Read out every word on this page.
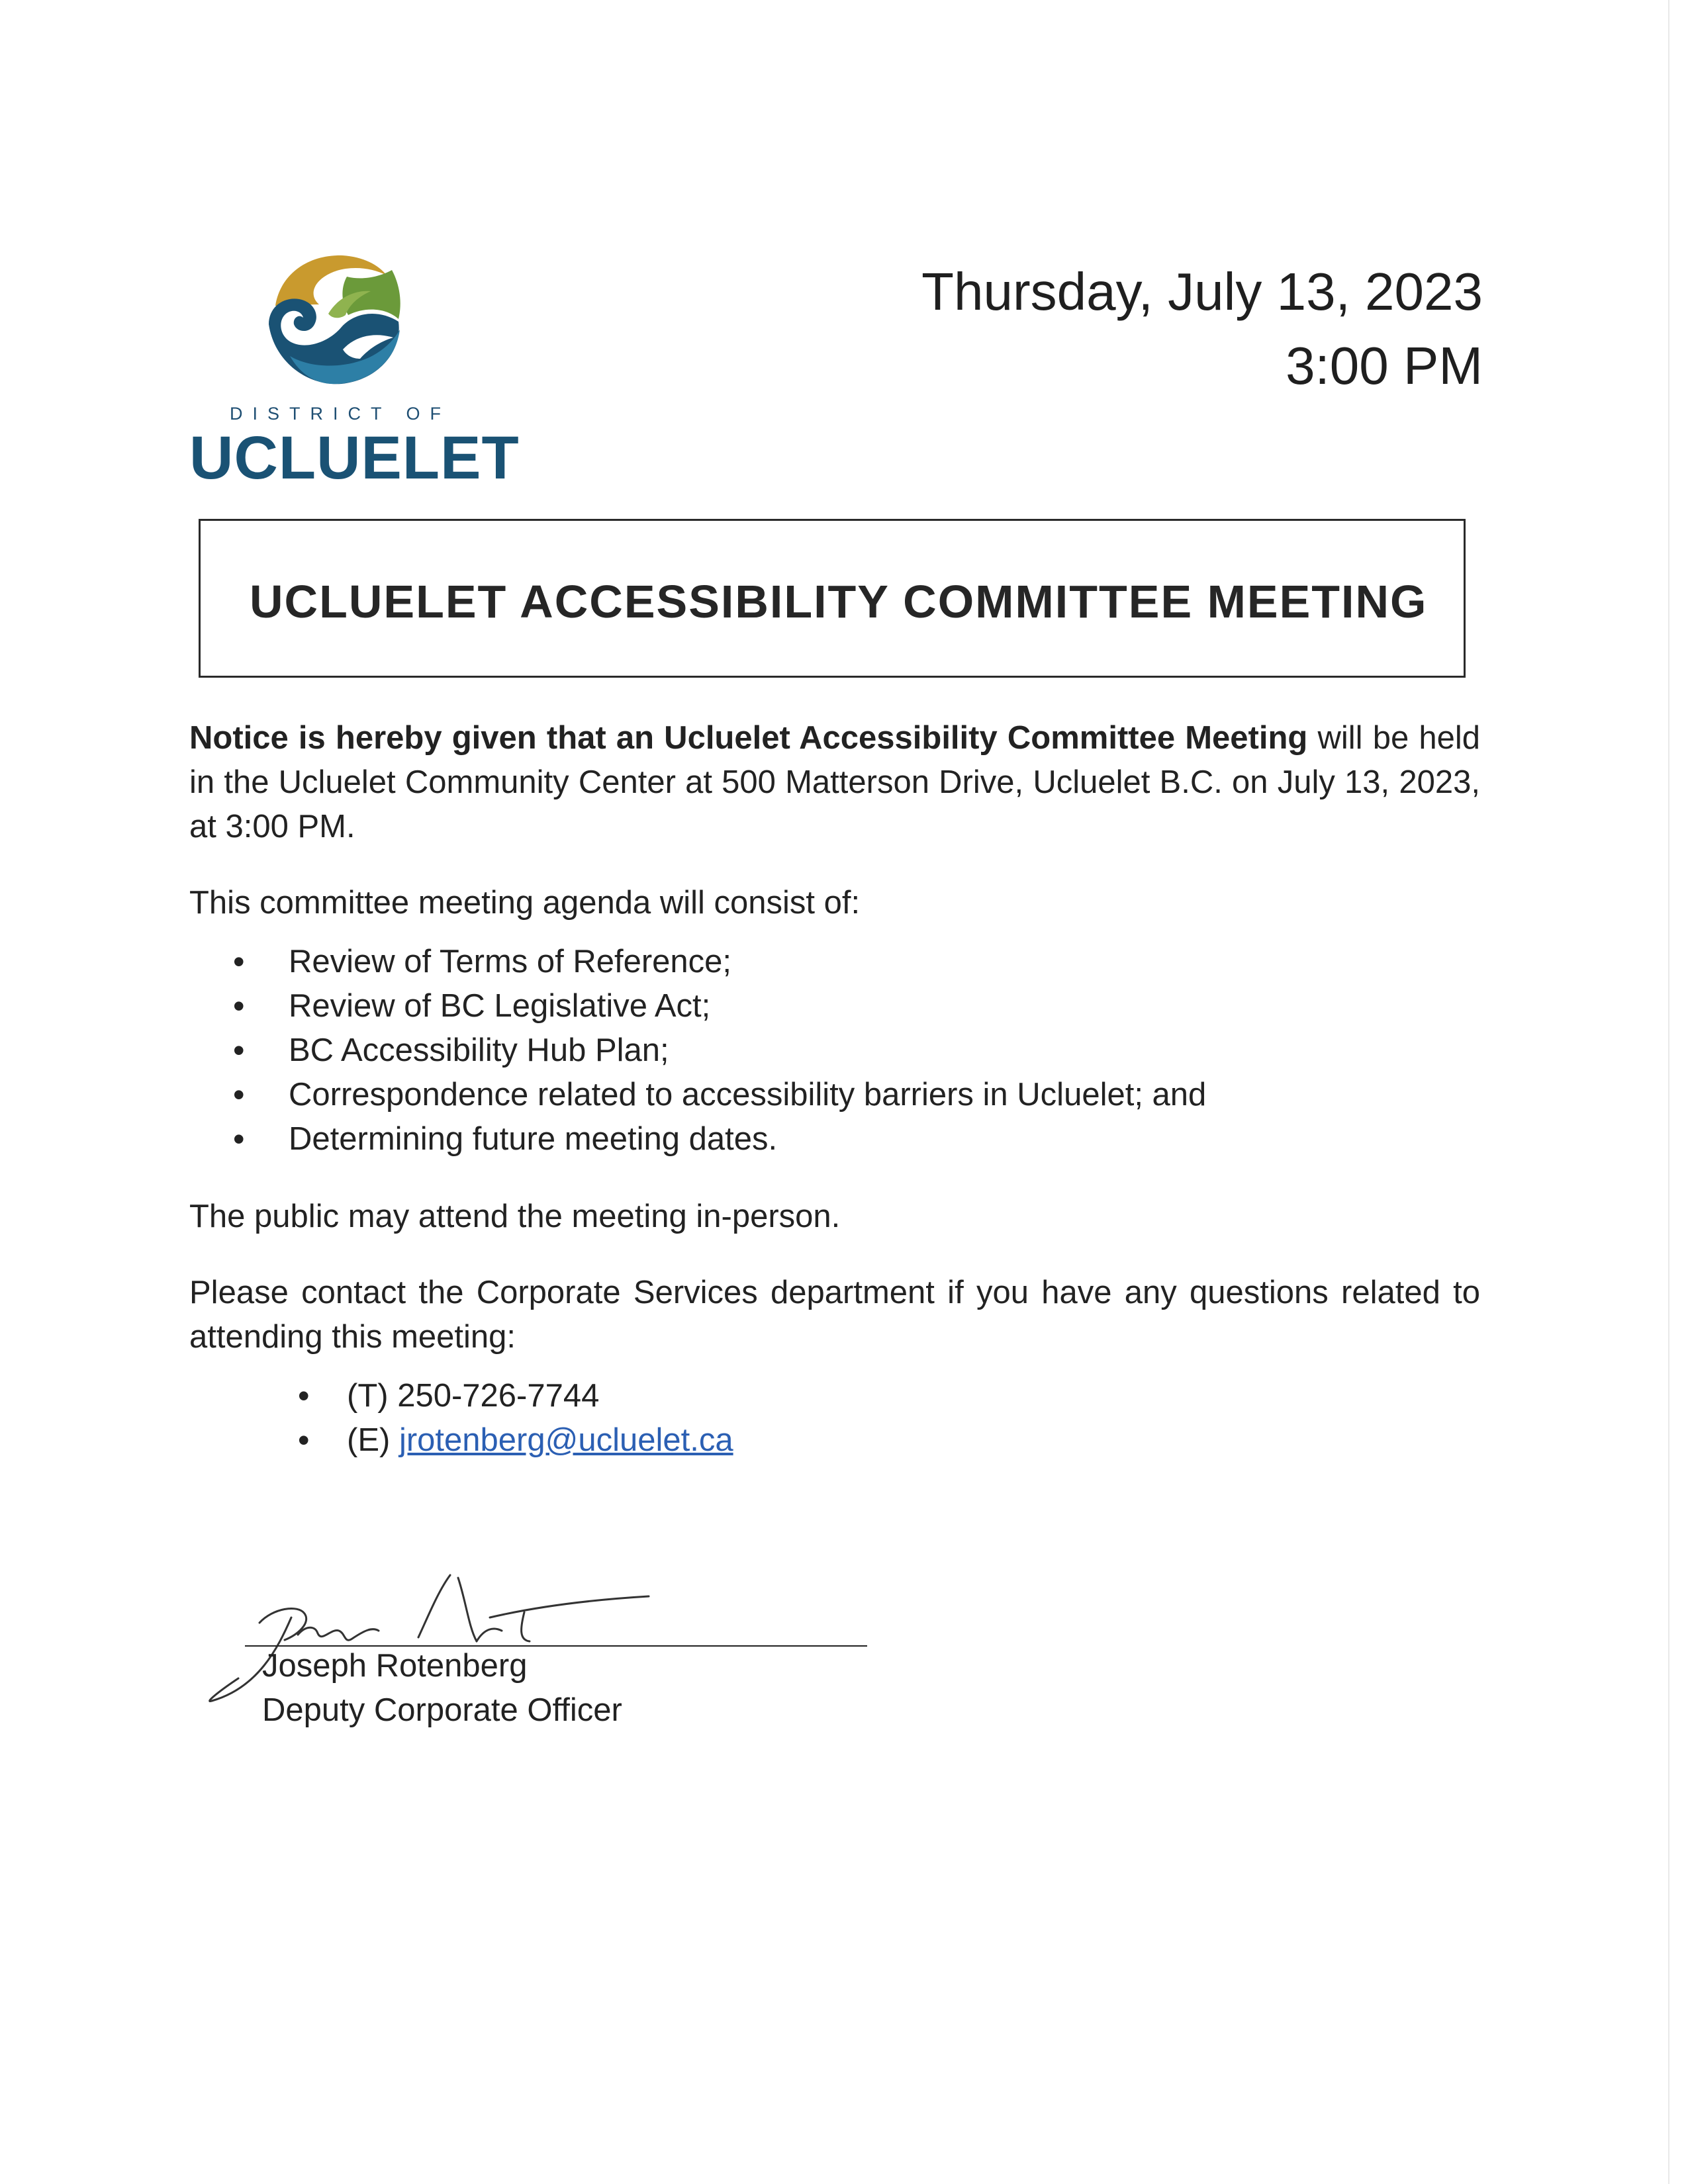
DISTRICT OF
UCLUELET
Thursday, July 13, 2023
3:00 PM
UCLUELET ACCESSIBILITY COMMITTEE MEETING

Notice is hereby given that an Ucluelet Accessibility Committee Meeting will be held in the Ucluelet Community Center at 500 Matterson Drive, Ucluelet B.C. on July 13, 2023, at 3:00 PM.

This committee meeting agenda will consist of:

• Review of Terms of Reference;
• Review of BC Legislative Act;
• BC Accessibility Hub Plan;
• Correspondence related to accessibility barriers in Ucluelet; and
• Determining future meeting dates.

The public may attend the meeting in-person.

Please contact the Corporate Services department if you have any questions related to attending this meeting:

• (T) 250-726-7744
• (E) jrotenberg@ucluelet.ca
Joseph Rotenberg
Deputy Corporate Officer
